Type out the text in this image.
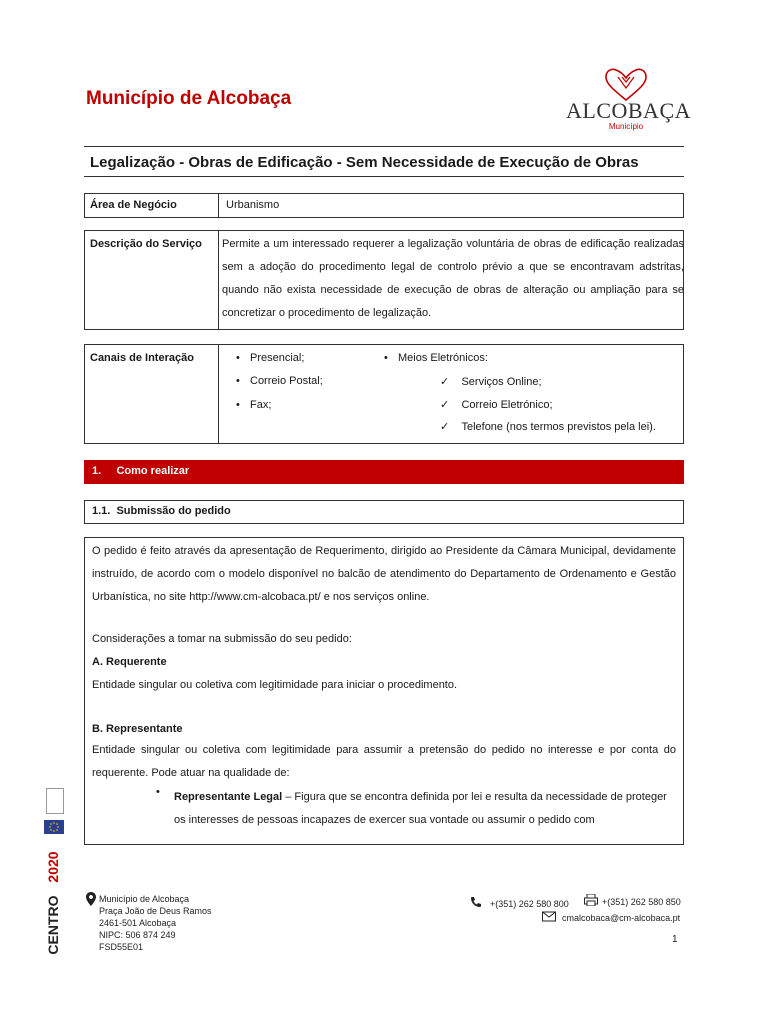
Município de Alcobaça	ALCOBAÇA
Município
Legalização - Obras de Edificação - Sem Necessidade de Execução de Obras
Área de Negócio	Urbanismo
Descrição do Serviço Permite a um interessado requerer a legalização voluntária de obras de edificação realizadas sem a adoção do procedimento legal de controlo prévio a que se encontravam adstritas, quando não exista necessidade de execução de obras de alteração ou ampliação para se concretizar o procedimento de legalização.
Canais de Interação	• Presencial;
• Correio Postal;
• Fax;
• Meios Eletrónicos:
✓ Serviços Online;
✓ Correio Eletrónico;
✓ Telefone (nos termos previstos pela lei).
1.     Como realizar
1.1.  Submissão do pedido
O pedido é feito através da apresentação de Requerimento, dirigido ao Presidente da Câmara Municipal, devidamente instruído, de acordo com o modelo disponível no balcão de atendimento do Departamento de Ordenamento e Gestão Urbanística, no site http://www.cm-alcobaca.pt/ e nos serviços online.
Considerações a tomar na submissão do seu pedido:
A. Requerente
Entidade singular ou coletiva com legitimidade para iniciar o procedimento.
B. Representante
Entidade singular ou coletiva com legitimidade para assumir a pretensão do pedido no interesse e por conta do requerente. Pode atuar na qualidade de:
• Representante Legal – Figura que se encontra definida por lei e resulta da necessidade de proteger os interesses de pessoas incapazes de exercer sua vontade ou assumir o pedido com
2020
CENTRO	Município de Alcobaça
Praça João de Deus Ramos
2461-501 Alcobaça
NIPC: 506 874 249
FSD55E01
+(351) 262 580 800	+(351) 262 580 850
cmalcobaca@cm-alcobaca.pt
1
